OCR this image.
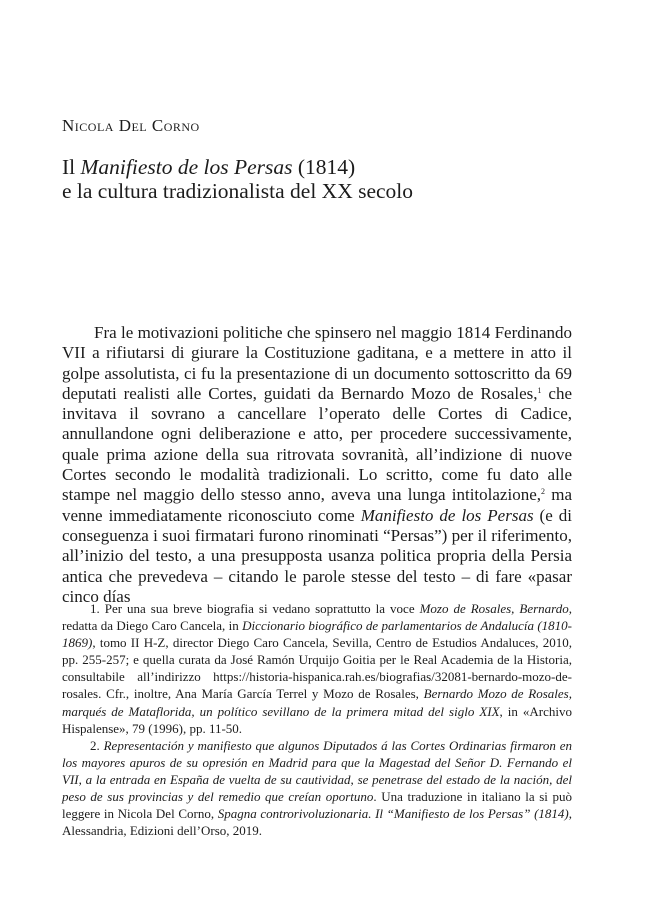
Nicola Del Corno
Il Manifiesto de los Persas (1814)
e la cultura tradizionalista del XX secolo

Fra le motivazioni politiche che spinsero nel maggio 1814 Ferdinando VII a rifiutarsi di giurare la Costituzione gaditana, e a mettere in atto il golpe assolutista, ci fu la presentazione di un documento sottoscritto da 69 deputati realisti alle Cortes, guidati da Bernardo Mozo de Rosales,$^1$ che invitava il sovrano a cancellare l’operato delle Cortes di Cadice, annullandone ogni deliberazione e atto, per procedere successivamente, quale prima azione della sua ritrovata sovranità, all’indizione di nuove Cortes secondo le modalità tradizionali. Lo scritto, come fu dato alle stampe nel maggio dello stesso anno, aveva una lunga intitolazione,$^2$ ma venne immediatamente riconosciuto come Manifiesto de los Persas (e di conseguenza i suoi firmatari furono rinominati “Persas”) per il riferimento, all’inizio del testo, a una presupposta usanza politica propria della Persia antica che prevedeva – citando le parole stesse del testo – di fare «pasar cinco días

1. Per una sua breve biografia si vedano soprattutto la voce Mozo de Rosales, Bernardo, redatta da Diego Caro Cancela, in Diccionario biográfico de parlamentarios de Andalucía (1810-1869), tomo II H-Z, director Diego Caro Cancela, Sevilla, Centro de Estudios Andaluces, 2010, pp. 255-257; e quella curata da José Ramón Urquijo Goitia per le Real Academia de la Historia, consultabile all’indirizzo https://historia-hispanica.rah.es/biografias/32081-bernardo-mozo-de-rosales. Cfr., inoltre, Ana María García Terrel y Mozo de Rosales, Bernardo Mozo de Rosales, marqués de Mataflorida, un político sevillano de la primera mitad del siglo XIX, in «Archivo Hispalense», 79 (1996), pp. 11-50.

2. Representación y manifiesto que algunos Diputados á las Cortes Ordinarias firmaron en los mayores apuros de su opresión en Madrid para que la Magestad del Señor D. Fernando el VII, a la entrada en España de vuelta de su cautividad, se penetrase del estado de la nación, del peso de sus provincias y del remedio que creían oportuno. Una traduzione in italiano la si può leggere in Nicola Del Corno, Spagna controrivoluzionaria. Il “Manifiesto de los Persas” (1814), Alessandria, Edizioni dell’Orso, 2019.
